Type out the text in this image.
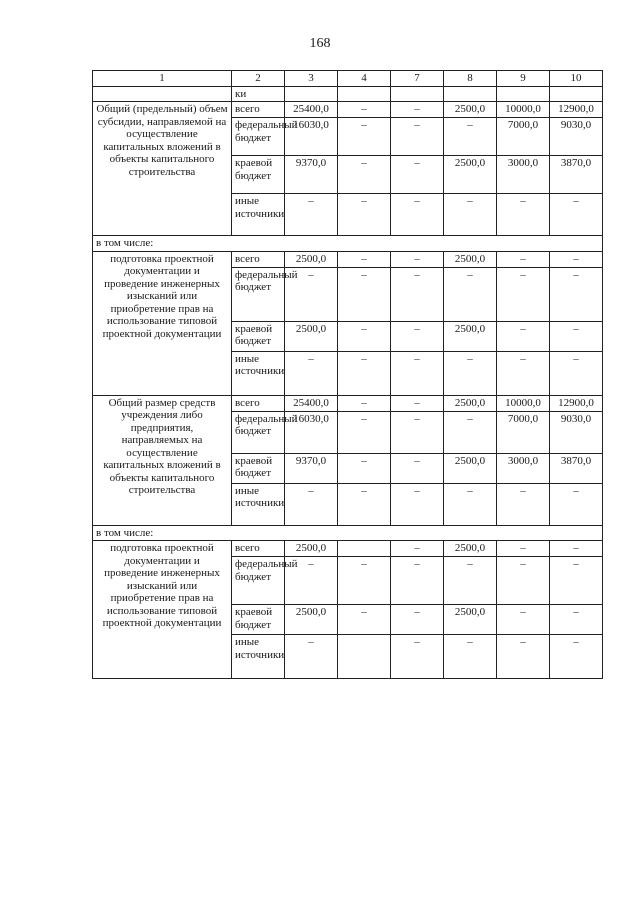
168
1	2	3	4	7	8	9	10
	ки						
Общий (предельный) объем субсидии, направляемой на осуществление капитальных вложений в объекты капитального строительства	всего	25400,0	–	–	2500,0	10000,0	12900,0
	федеральный бюджет	16030,0	–	–	–	7000,0	9030,0
	краевой бюджет	9370,0	–	–	2500,0	3000,0	3870,0
	иные источники	–	–	–	–	–	–
в том числе:							
подготовка проектной документации и проведение инженерных изысканий или приобретение прав на использование типовой проектной документации	всего	2500,0	–	–	2500,0	–	–
	федеральный бюджет	–	–	–	–	–	–
	краевой бюджет	2500,0	–	–	2500,0	–	–
	иные источники	–	–	–	–	–	–
Общий размер средств учреждения либо предприятия, направляемых на осуществление капитальных вложений в объекты капитального строительства	всего	25400,0	–	–	2500,0	10000,0	12900,0
	федеральный бюджет	16030,0	–	–	–	7000,0	9030,0
	краевой бюджет	9370,0	–	–	2500,0	3000,0	3870,0
	иные источники	–	–	–	–	–	–
в том числе:							
подготовка проектной документации и проведение инженерных изысканий или приобретение прав на использование типовой проектной документации	всего	2500,0		–	2500,0	–	–
	федеральный бюджет	–	–	–	–	–	–
	краевой бюджет	2500,0	–	–	2500,0	–	–
	иные источники	–		–	–	–	–
